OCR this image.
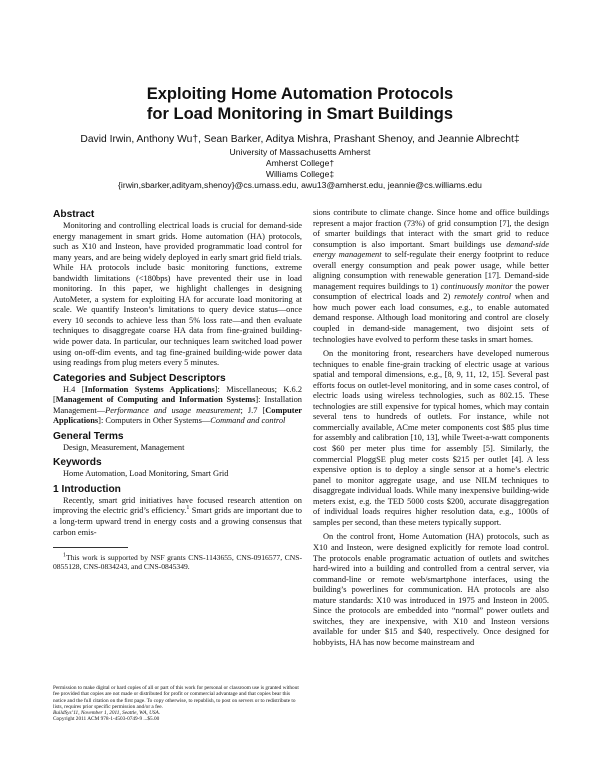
Exploiting Home Automation Protocols
for Load Monitoring in Smart Buildings
David Irwin, Anthony Wu†, Sean Barker, Aditya Mishra, Prashant Shenoy, and Jeannie Albrecht‡
University of Massachusetts Amherst
Amherst College†
Williams College‡
{irwin,sbarker,adityam,shenoy}@cs.umass.edu, awu13@amherst.edu, jeannie@cs.williams.edu
Abstract

Monitoring and controlling electrical loads is crucial for demand-side energy management in smart grids. Home automation (HA) protocols, such as X10 and Insteon, have provided programmatic load control for many years, and are being widely deployed in early smart grid field trials. While HA protocols include basic monitoring functions, extreme bandwidth limitations (<180bps) have prevented their use in load monitoring. In this paper, we highlight challenges in designing AutoMeter, a system for exploiting HA for accurate load monitoring at scale. We quantify Insteon’s limitations to query device status—once every 10 seconds to achieve less than 5% loss rate—and then evaluate techniques to disaggregate coarse HA data from fine-grained building-wide power data. In particular, our techniques learn switched load power using on-off-dim events, and tag fine-grained building-wide power data using readings from plug meters every 5 minutes.

Categories and Subject Descriptors

H.4 [Information Systems Applications]: Miscellaneous; K.6.2 [Management of Computing and Information Systems]: Installation Management—Performance and usage measurement; J.7 [Computer Applications]: Computers in Other Systems—Command and control

General Terms

Design, Measurement, Management

Keywords

Home Automation, Load Monitoring, Smart Grid

1 Introduction

Recently, smart grid initiatives have focused research attention on improving the electric grid’s efficiency.$^1$ Smart grids are important due to a long-term upward trend in energy costs and a growing consensus that carbon emis-

$^1$This work is supported by NSF grants CNS-1143655, CNS-0916577, CNS-0855128, CNS-0834243, and CNS-0845349.

Permission to make digital or hard copies of all or part of this work for personal or classroom use is granted without fee provided that copies are not made or distributed for profit or commercial advantage and that copies bear this notice and the full citation on the first page. To copy otherwise, to republish, to post on servers or to redistribute to lists, requires prior specific permission and/or a fee.
BuildSys’11, November 1, 2011, Seattle, WA, USA.
Copyright 2011 ACM 978-1-4503-0749-9 ...$5.00

sions contribute to climate change. Since home and office buildings represent a major fraction (73%) of grid consumption [7], the design of smarter buildings that interact with the smart grid to reduce consumption is also important. Smart buildings use demand-side energy management to self-regulate their energy footprint to reduce overall energy consumption and peak power usage, while better aligning consumption with renewable generation [17]. Demand-side management requires buildings to 1) continuously monitor the power consumption of electrical loads and 2) remotely control when and how much power each load consumes, e.g., to enable automated demand response. Although load monitoring and control are closely coupled in demand-side management, two disjoint sets of technologies have evolved to perform these tasks in smart homes.

On the monitoring front, researchers have developed numerous techniques to enable fine-grain tracking of electric usage at various spatial and temporal dimensions, e.g., [8, 9, 11, 12, 15]. Several past efforts focus on outlet-level monitoring, and in some cases control, of electric loads using wireless technologies, such as 802.15. These technologies are still expensive for typical homes, which may contain several tens to hundreds of outlets. For instance, while not commercially available, ACme meter components cost $85 plus time for assembly and calibration [10, 13], while Tweet-a-watt components cost $60 per meter plus time for assembly [5]. Similarly, the commercial PloggSE plug meter costs $215 per outlet [4]. A less expensive option is to deploy a single sensor at a home’s electric panel to monitor aggregate usage, and use NILM techniques to disaggregate individual loads. While many inexpensive building-wide meters exist, e.g. the TED 5000 costs $200, accurate disaggregation of individual loads requires higher resolution data, e.g., 1000s of samples per second, than these meters typically support.

On the control front, Home Automation (HA) protocols, such as X10 and Insteon, were designed explicitly for remote load control. The protocols enable programatic actuation of outlets and switches hard-wired into a building and controlled from a central server, via command-line or remote web/smartphone interfaces, using the building’s powerlines for communication. HA protocols are also mature standards: X10 was introduced in 1975 and Insteon in 2005. Since the protocols are embedded into “normal” power outlets and switches, they are inexpensive, with X10 and Insteon versions available for under $15 and $40, respectively. Once designed for hobbyists, HA has now become mainstream and
